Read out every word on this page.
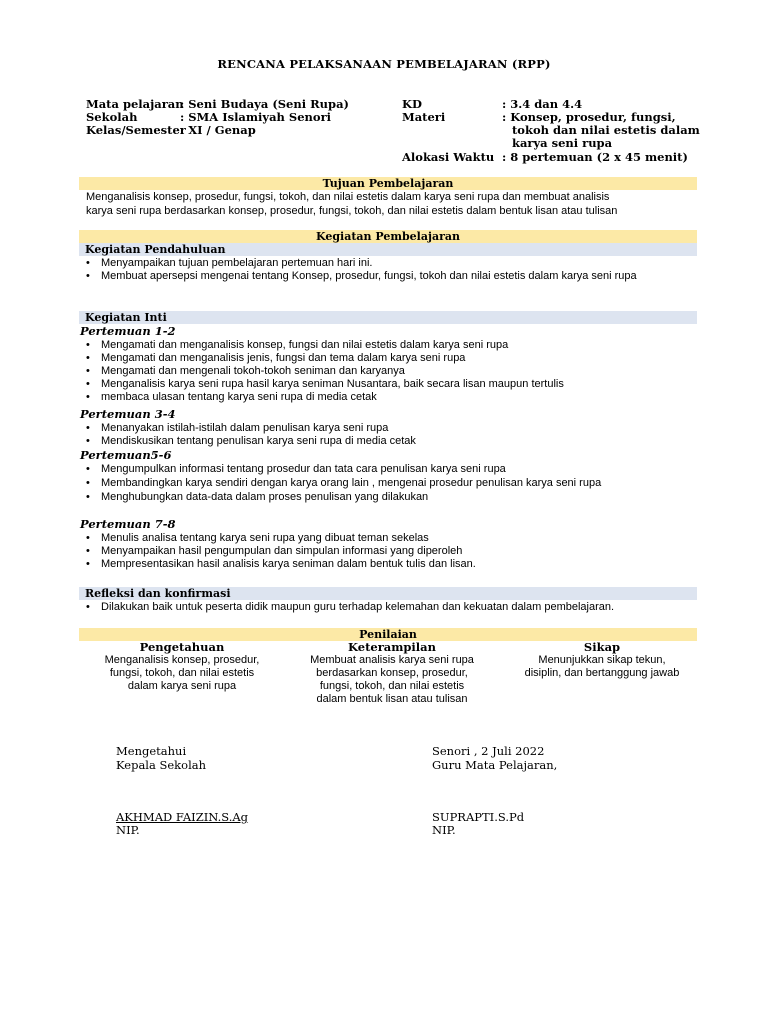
RENCANA PELAKSANAAN PEMBELAJARAN (RPP)
Mata pelajaran
: Seni Budaya (Seni Rupa)
Sekolah	: SMA Islamiyah Senori
Kelas/Semester
: XI / Genap
KD	: 3.4 dan 4.4
Materi	: Konsep, prosedur, fungsi,
tokoh dan nilai estetis dalam
karya seni rupa
Alokasi Waktu : 8 pertemuan (2 x 45 menit)
Tujuan Pembelajaran
Menganalisis konsep, prosedur, fungsi, tokoh, dan nilai estetis dalam karya seni rupa dan membuat analisis
karya seni rupa berdasarkan konsep, prosedur, fungsi, tokoh, dan nilai estetis dalam bentuk lisan atau tulisan
Kegiatan Pembelajaran
Kegiatan Pendahuluan
• Menyampaikan tujuan pembelajaran pertemuan hari ini.
• Membuat apersepsi mengenai tentang Konsep, prosedur, fungsi, tokoh dan nilai estetis dalam karya seni rupa
Kegiatan Inti
Pertemuan 1-2
• Mengamati dan menganalisis konsep, fungsi dan nilai estetis dalam karya seni rupa
• Mengamati dan menganalisis jenis, fungsi dan tema dalam karya seni rupa
• Mengamati dan mengenali tokoh-tokoh seniman dan karyanya
• Menganalisis karya seni rupa hasil karya seniman Nusantara, baik secara lisan maupun tertulis
• membaca ulasan tentang karya seni rupa di media cetak
Pertemuan 3-4
• Menanyakan istilah-istilah dalam penulisan karya seni rupa
• Mendiskusikan tentang penulisan karya seni rupa di media cetak
Pertemuan5-6
• Mengumpulkan informasi tentang prosedur dan tata cara penulisan karya seni rupa
• Membandingkan karya sendiri dengan karya orang lain , mengenai prosedur penulisan karya seni rupa
• Menghubungkan data-data dalam proses penulisan yang dilakukan
Pertemuan 7-8
• Menulis analisa tentang karya seni rupa yang dibuat teman sekelas
• Menyampaikan hasil pengumpulan dan simpulan informasi yang diperoleh
• Mempresentasikan hasil analisis karya seniman dalam bentuk tulis dan lisan.
Refleksi dan konfirmasi
• Dilakukan baik untuk peserta didik maupun guru terhadap kelemahan dan kekuatan dalam pembelajaran.
Penilaian
Pengetahuan
Menganalisis konsep, prosedur,
fungsi, tokoh, dan nilai estetis
dalam karya seni rupa
Keterampilan
Membuat analisis karya seni rupa
berdasarkan konsep, prosedur,
fungsi, tokoh, dan nilai estetis
dalam bentuk lisan atau tulisan
Sikap
Menunjukkan sikap tekun,
disiplin, dan bertanggung jawab
Mengetahui
Kepala Sekolah
AKHMAD FAIZIN.S.Ag
NIP.
Senori , 2 Juli 2022
Guru Mata Pelajaran,
SUPRAPTI.S.Pd
NIP.
